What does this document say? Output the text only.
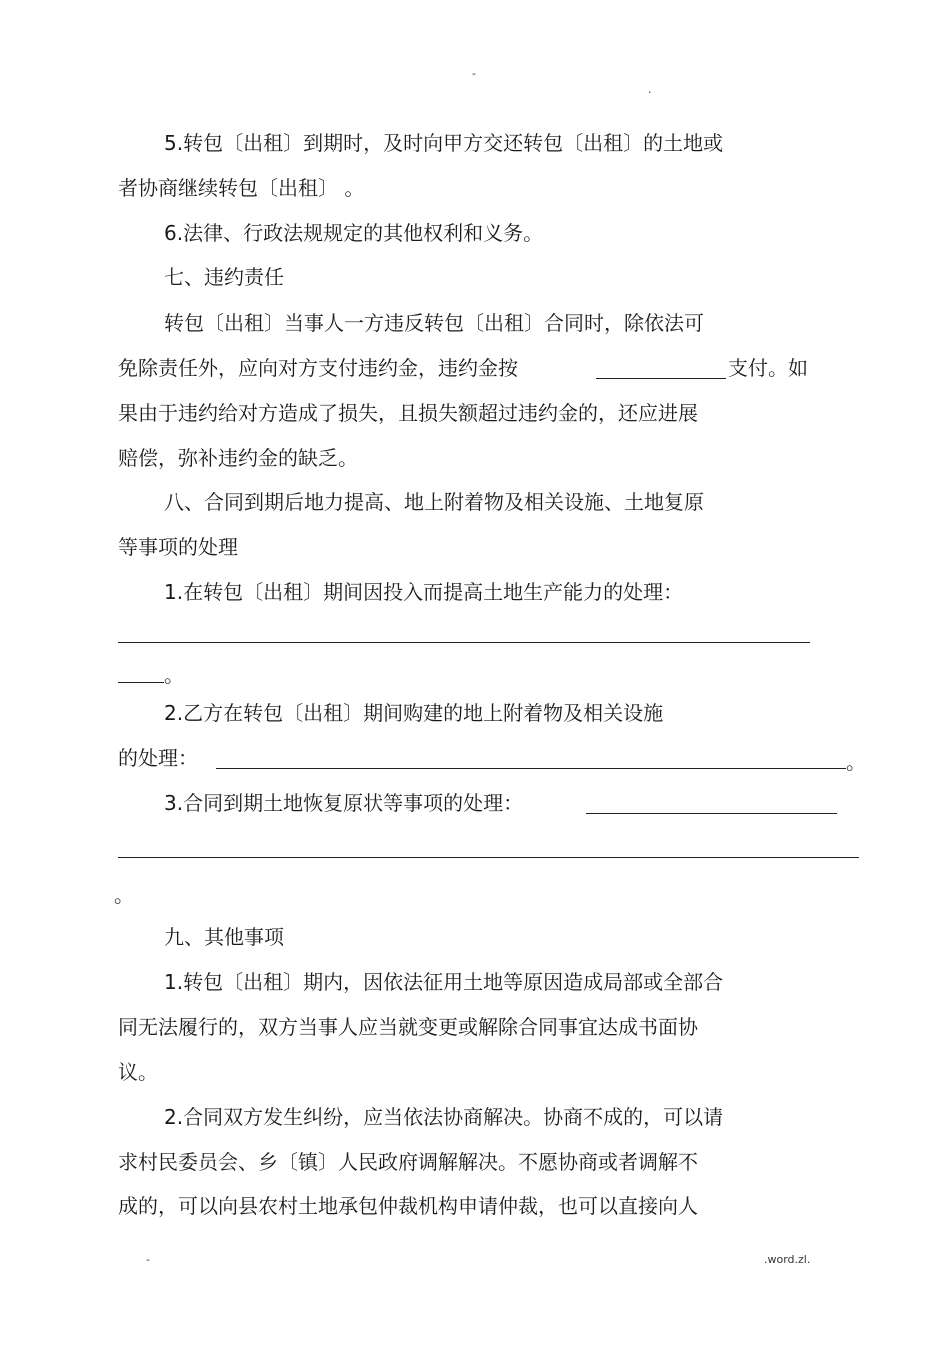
-
.
5.转包〔出租〕到期时，及时向甲方交还转包〔出租〕的土地或
者协商继续转包〔出租〕 。
6.法律、行政法规规定的其他权利和义务。
七、违约责任
转包〔出租〕当事人一方违反转包〔出租〕合同时，除依法可
免除责任外，应向对方支付违约金，违约金按	支付。如
果由于违约给对方造成了损失，且损失额超过违约金的，还应进展
赔偿，弥补违约金的缺乏。
八、合同到期后地力提高、地上附着物及相关设施、土地复原
等事项的处理
1.在转包〔出租〕期间因投入而提高土地生产能力的处理：
。
2.乙方在转包〔出租〕期间购建的地上附着物及相关设施
的处理：	。
3.合同到期土地恢复原状等事项的处理：
。
九、其他事项
1.转包〔出租〕期内，因依法征用土地等原因造成局部或全部合
同无法履行的，双方当事人应当就变更或解除合同事宜达成书面协
议。
2.合同双方发生纠纷，应当依法协商解决。协商不成的，可以请
求村民委员会、乡〔镇〕人民政府调解解决。不愿协商或者调解不
成的，可以向县农村土地承包仲裁机构申请仲裁，也可以直接向人
-	.word.zl.
